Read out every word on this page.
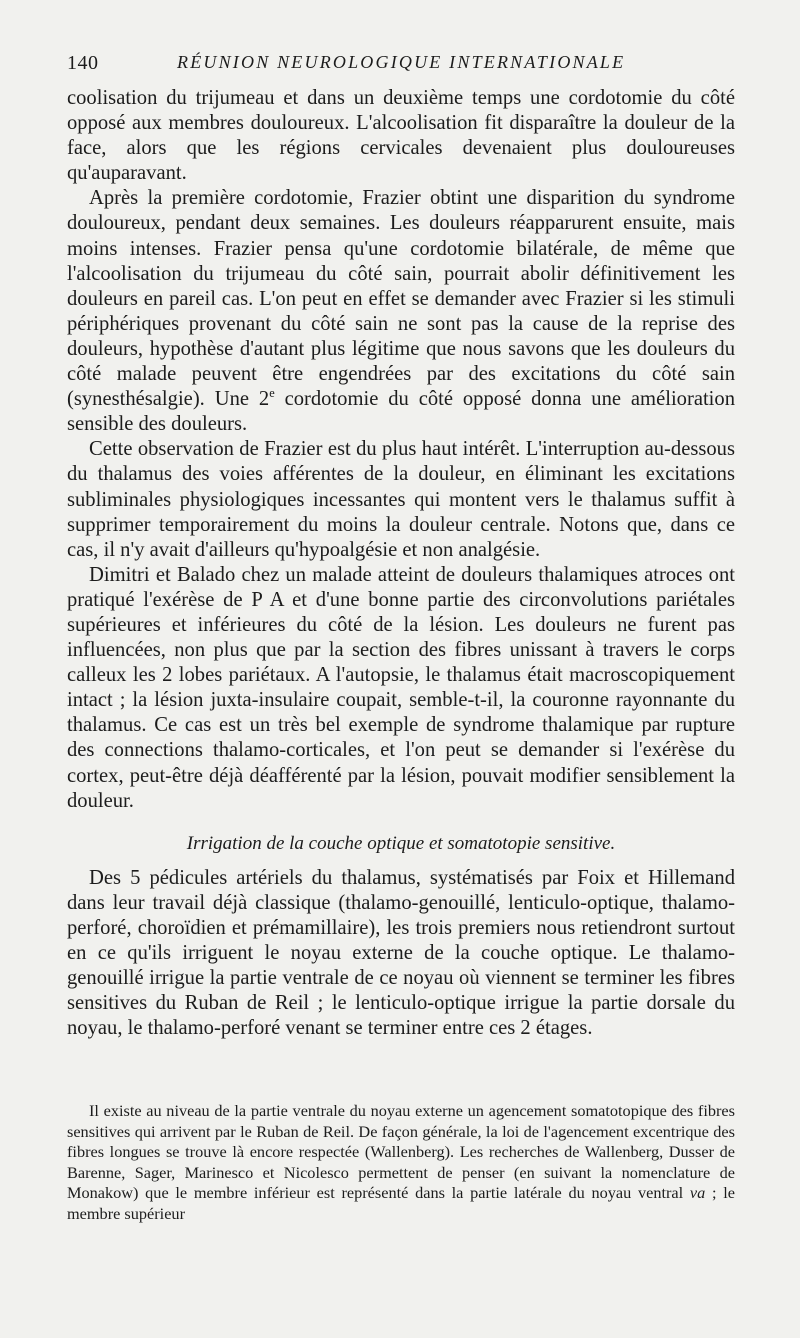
140	RÉUNION NEUROLOGIQUE INTERNATIONALE

coolisation du trijumeau et dans un deuxième temps une cordotomie du côté opposé aux membres douloureux. L'alcoolisation fit disparaître la douleur de la face, alors que les régions cervicales devenaient plus douloureuses qu'auparavant.

Après la première cordotomie, Frazier obtint une disparition du syndrome douloureux, pendant deux semaines. Les douleurs réapparurent ensuite, mais moins intenses. Frazier pensa qu'une cordotomie bilatérale, de même que l'alcoolisation du trijumeau du côté sain, pourrait abolir définitivement les douleurs en pareil cas. L'on peut en effet se demander avec Frazier si les stimuli périphériques provenant du côté sain ne sont pas la cause de la reprise des douleurs, hypothèse d'autant plus légitime que nous savons que les douleurs du côté malade peuvent être engendrées par des excitations du côté sain (synesthésalgie). Une 2e cordotomie du côté opposé donna une amélioration sensible des douleurs.

Cette observation de Frazier est du plus haut intérêt. L'interruption au-dessous du thalamus des voies afférentes de la douleur, en éliminant les excitations subliminales physiologiques incessantes qui montent vers le thalamus suffit à supprimer temporairement du moins la douleur centrale. Notons que, dans ce cas, il n'y avait d'ailleurs qu'hypoalgésie et non analgésie.

Dimitri et Balado chez un malade atteint de douleurs thalamiques atroces ont pratiqué l'exérèse de P A et d'une bonne partie des circonvolutions pariétales supérieures et inférieures du côté de la lésion. Les douleurs ne furent pas influencées, non plus que par la section des fibres unissant à travers le corps calleux les 2 lobes pariétaux. A l'autopsie, le thalamus était macroscopiquement intact ; la lésion juxta-insulaire coupait, semble-t-il, la couronne rayonnante du thalamus. Ce cas est un très bel exemple de syndrome thalamique par rupture des connections thalamo-corticales, et l'on peut se demander si l'exérèse du cortex, peut-être déjà déafférenté par la lésion, pouvait modifier sensiblement la douleur.

Irrigation de la couche optique et somatotopie sensitive.

Des 5 pédicules artériels du thalamus, systématisés par Foix et Hillemand dans leur travail déjà classique (thalamo-genouillé, lenticulo-optique, thalamo-perforé, choroïdien et prémamillaire), les trois premiers nous retiendront surtout en ce qu'ils irriguent le noyau externe de la couche optique. Le thalamo-genouillé irrigue la partie ventrale de ce noyau où viennent se terminer les fibres sensitives du Ruban de Reil ; le lenticulo-optique irrigue la partie dorsale du noyau, le thalamo-perforé venant se terminer entre ces 2 étages.

Il existe au niveau de la partie ventrale du noyau externe un agencement somatotopique des fibres sensitives qui arrivent par le Ruban de Reil. De façon générale, la loi de l'agencement excentrique des fibres longues se trouve là encore respectée (Wallenberg). Les recherches de Wallenberg, Dusser de Barenne, Sager, Marinesco et Nicolesco permettent de penser (en suivant la nomenclature de Monakow) que le membre inférieur est représenté dans la partie latérale du noyau ventral va ; le membre supérieur
